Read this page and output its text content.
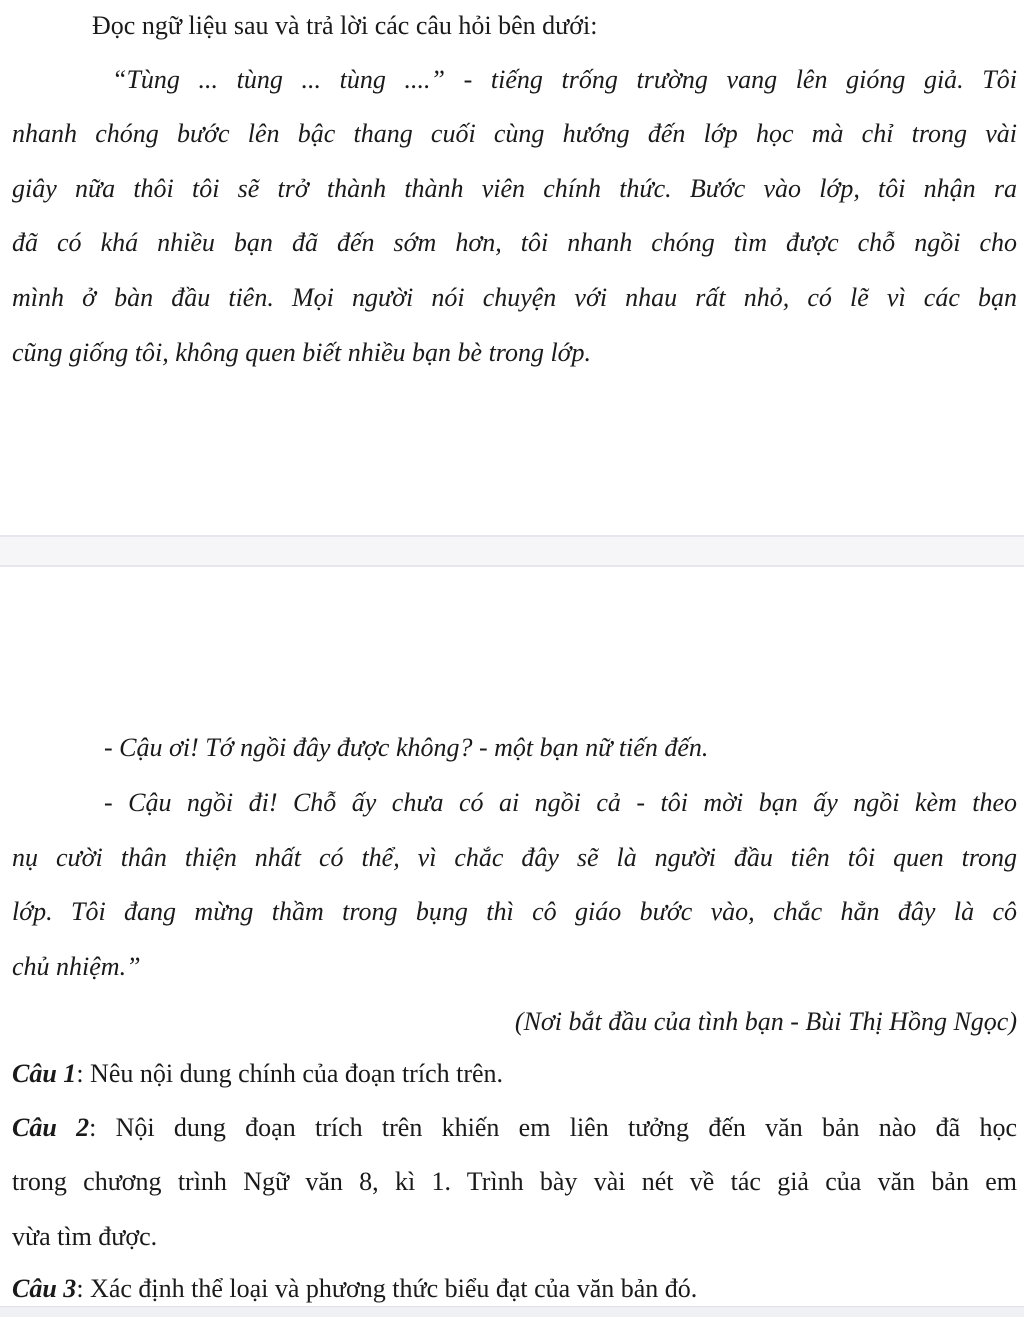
Đọc ngữ liệu sau và trả lời các câu hỏi bên dưới:
“Tùng ... tùng ... tùng ....” - tiếng trống trường vang lên gióng giả. Tôi
nhanh chóng bước lên bậc thang cuối cùng hướng đến lớp học mà chỉ trong vài
giây nữa thôi tôi sẽ trở thành thành viên chính thức. Bước vào lớp, tôi nhận ra
đã có khá nhiều bạn đã đến sớm hơn, tôi nhanh chóng tìm được chỗ ngồi cho
mình ở bàn đầu tiên. Mọi người nói chuyện với nhau rất nhỏ, có lẽ vì các bạn
cũng giống tôi, không quen biết nhiều bạn bè trong lớp.
- Cậu ơi! Tớ ngồi đây được không? - một bạn nữ tiến đến.
- Cậu ngồi đi! Chỗ ấy chưa có ai ngồi cả - tôi mời bạn ấy ngồi kèm theo
nụ cười thân thiện nhất có thể, vì chắc đây sẽ là người đầu tiên tôi quen trong
lớp. Tôi đang mừng thầm trong bụng thì cô giáo bước vào, chắc hẳn đây là cô
chủ nhiệm.”
(Nơi bắt đầu của tình bạn - Bùi Thị Hồng Ngọc)
Câu 1: Nêu nội dung chính của đoạn trích trên.
Câu 2: Nội dung đoạn trích trên khiến em liên tưởng đến văn bản nào đã học
trong chương trình Ngữ văn 8, kì 1. Trình bày vài nét về tác giả của văn bản em
vừa tìm được.
Câu 3: Xác định thể loại và phương thức biểu đạt của văn bản đó.
